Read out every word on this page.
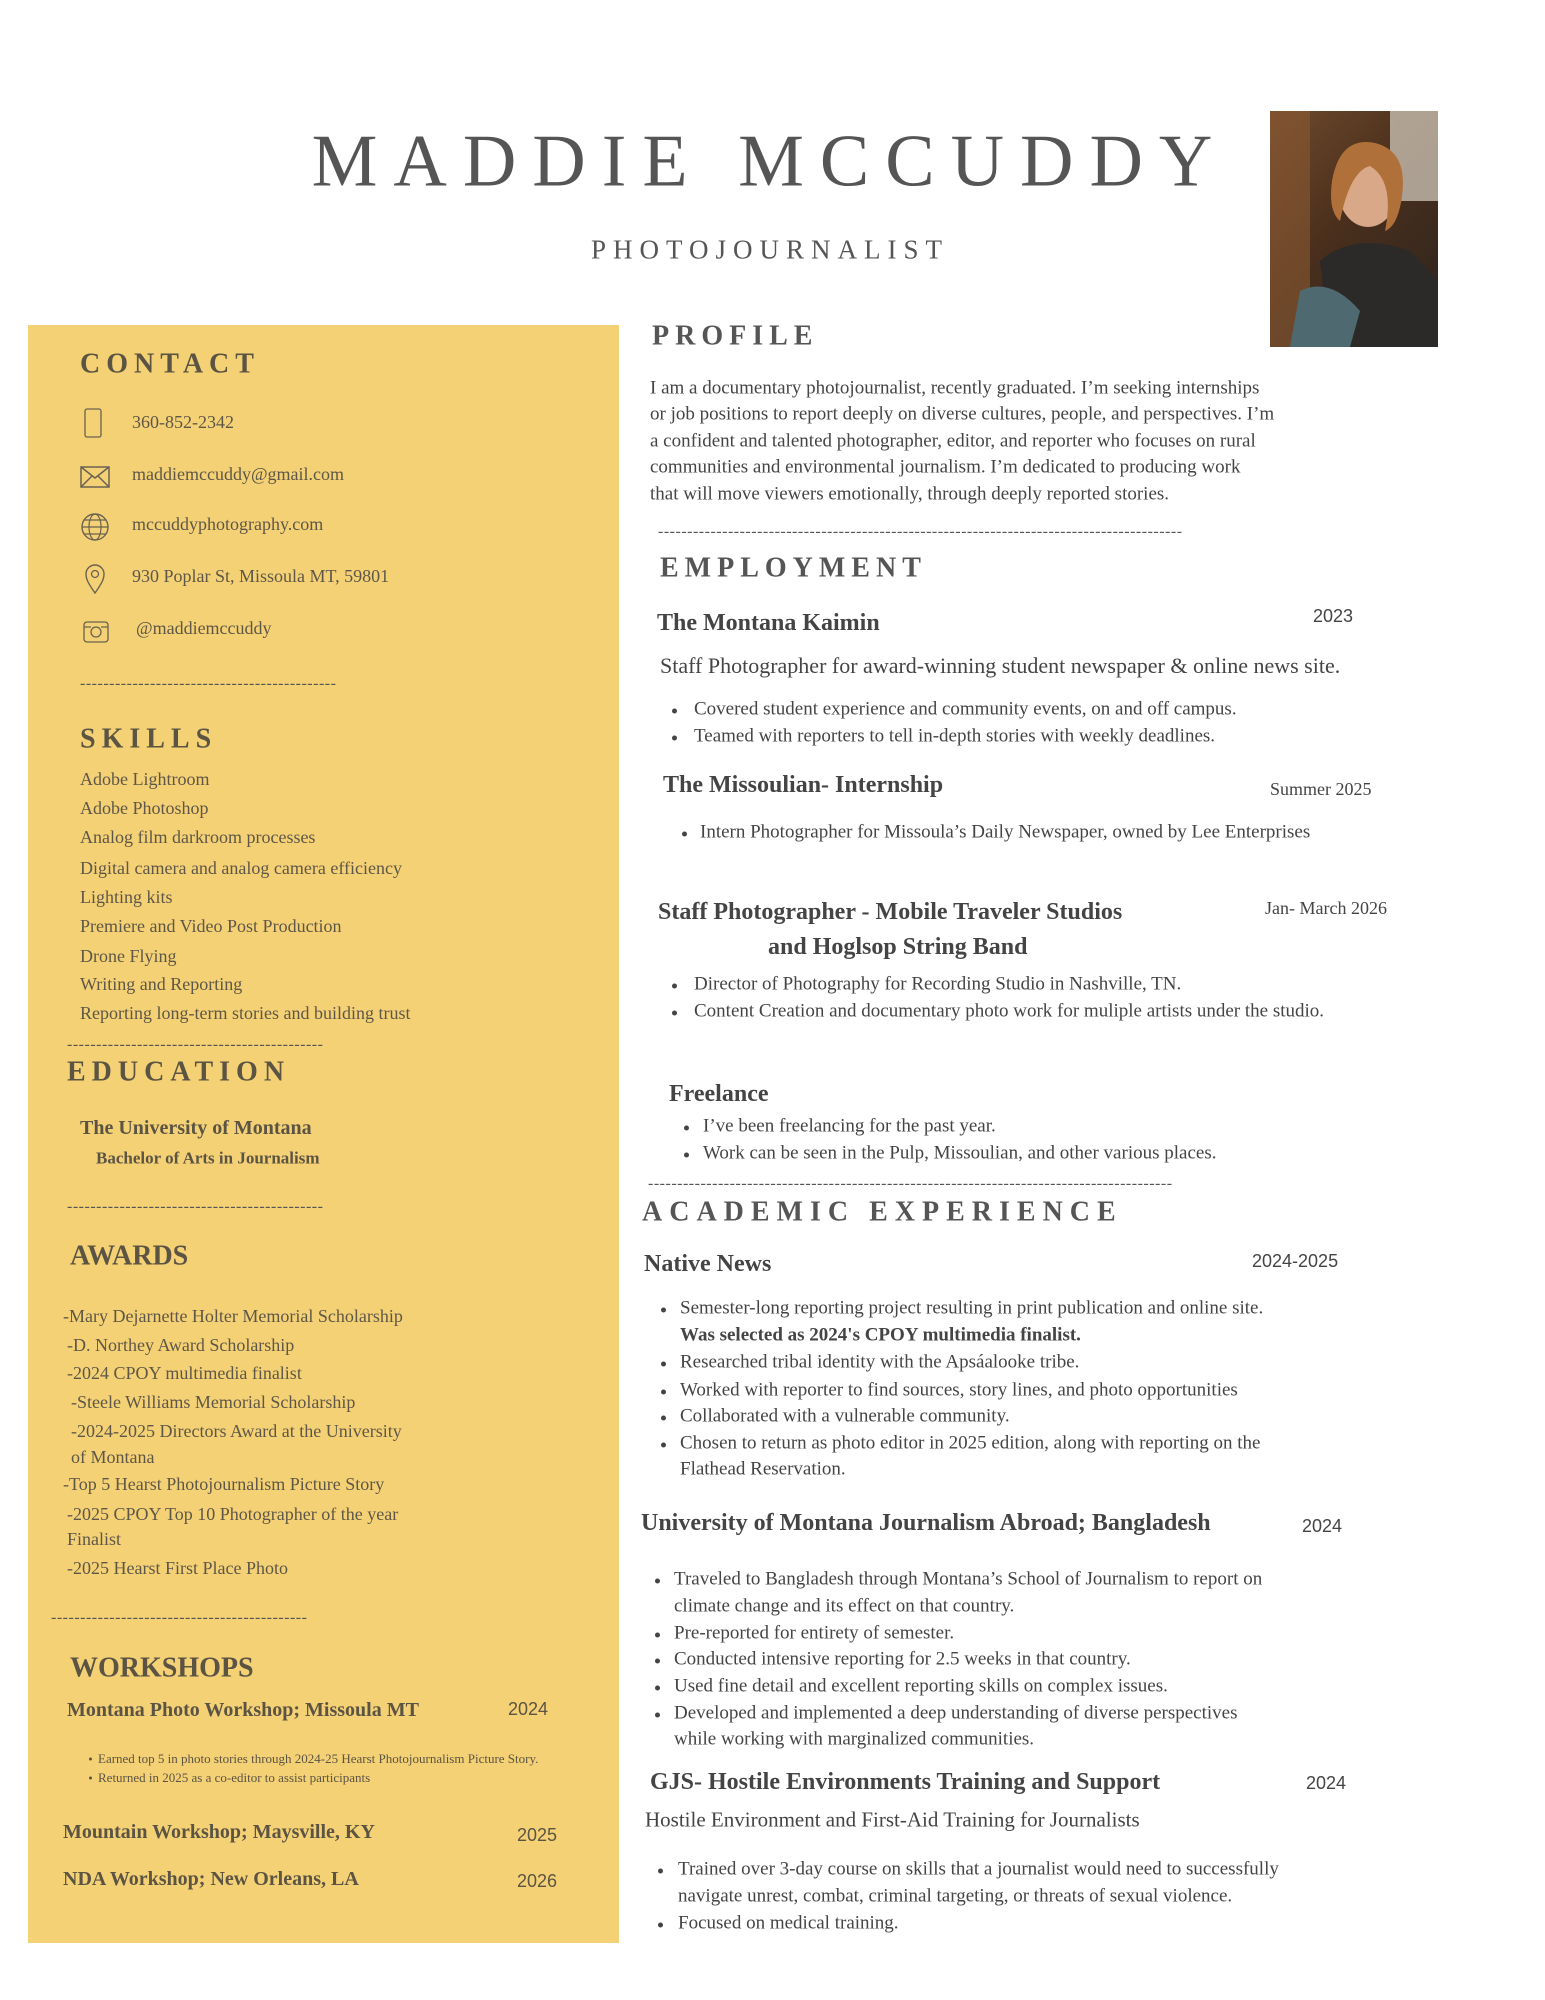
MADDIE MCCUDDY
PHOTOJOURNALIST
CONTACT
360-852-2342
maddiemccuddy@gmail.com
mccuddyphotography.com
930 Poplar St, Missoula MT, 59801
@maddiemccuddy
--------------------------------------------
SKILLS
Adobe Lightroom
Adobe Photoshop
Analog film darkroom processes
Digital camera and analog camera efficiency
Lighting kits
Premiere and Video Post Production
Drone Flying
Writing and Reporting
Reporting long-term stories and building trust
--------------------------------------------
EDUCATION
The University of Montana
Bachelor of Arts in Journalism
--------------------------------------------
AWARDS
-Mary Dejarnette Holter Memorial Scholarship
-D. Northey Award Scholarship
-2024 CPOY multimedia finalist
-Steele Williams Memorial Scholarship
-2024-2025 Directors Award at the University
of Montana
-Top 5 Hearst Photojournalism Picture Story
-2025 CPOY Top 10 Photographer of the year
Finalist
-2025 Hearst First Place Photo
--------------------------------------------
WORKSHOPS
Montana Photo Workshop; Missoula MT	2024
Earned top 5 in photo stories through 2024-25 Hearst Photojournalism Picture Story.
Returned in 2025 as a co-editor to assist participants
Mountain Workshop; Maysville, KY	2025
NDA Workshop; New Orleans, LA	2026
PROFILE
I am a documentary photojournalist, recently graduated. I’m seeking internships
or job positions to report deeply on diverse cultures, people, and perspectives. I’m
a confident and talented photographer, editor, and reporter who focuses on rural
communities and environmental journalism. I’m dedicated to producing work
that will move viewers emotionally, through deeply reported stories.
------------------------------------------------------------------------------------------
EMPLOYMENT
The Montana Kaimin	2023
Staff Photographer for award-winning student newspaper & online news site.
Covered student experience and community events, on and off campus.
Teamed with reporters to tell in-depth stories with weekly deadlines.
The Missoulian- Internship	Summer 2025
Intern Photographer for Missoula’s Daily Newspaper, owned by Lee Enterprises
Staff Photographer - Mobile Traveler Studios
and Hoglsop String Band
Jan- March 2026
Director of Photography for Recording Studio in Nashville, TN.
Content Creation and documentary photo work for muliple artists under the studio.
Freelance
I’ve been freelancing for the past year.
Work can be seen in the Pulp, Missoulian, and other various places.
------------------------------------------------------------------------------------------
ACADEMIC EXPERIENCE
Native News	2024-2025
Semester-long reporting project resulting in print publication and online site.
Was selected as 2024's CPOY multimedia finalist.
Researched tribal identity with the Apsáalooke tribe.
Worked with reporter to find sources, story lines, and photo opportunities
Collaborated with a vulnerable community.
Chosen to return as photo editor in 2025 edition, along with reporting on the
Flathead Reservation.
University of Montana Journalism Abroad; Bangladesh	2024
Traveled to Bangladesh through Montana’s School of Journalism to report on
climate change and its effect on that country.
Pre-reported for entirety of semester.
Conducted intensive reporting for 2.5 weeks in that country.
Used fine detail and excellent reporting skills on complex issues.
Developed and implemented a deep understanding of diverse perspectives
while working with marginalized communities.
GJS- Hostile Environments Training and Support	2024
Hostile Environment and First-Aid Training for Journalists
Trained over 3-day course on skills that a journalist would need to successfully
navigate unrest, combat, criminal targeting, or threats of sexual violence.
Focused on medical training.
